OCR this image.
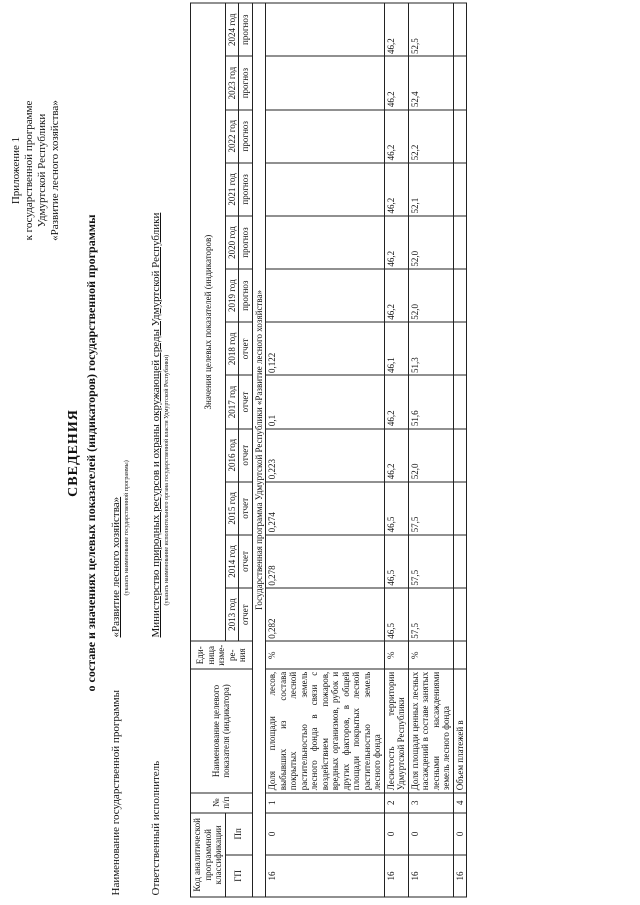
Приложение 1 к государственной программе Удмуртской Республики «Развитие лесного хозяйства»
СВЕДЕНИЯ о составе и значениях целевых показателей (индикаторов) государственной программы
Наименование государственной программы
«Развитие лесного хозяйства» (указать наименование государственной программы)
Ответственный исполнитель
Министерство природных ресурсов и охраны окружающей среды Удмуртской Республики (указать наименование исполнительного органа государственной власти Удмуртской Республики)
Код аналитической программной классификации		№ п/п	Наименование целевого показателя (индикатора)	Еди-ница изме-ре-ния	Значения целевых показателей (индикаторов)											
ГП	Пп				2013 год	2014 год	2015 год	2016 год	2017 год	2018 год	2019 год	2020 год	2021 год	2022 год	2023 год	2024 год
					отчет	отчет	отчет	отчет	отчет	отчет	прогноз	прогноз	прогноз	прогноз	прогноз	прогноз
Государственная программа Удмуртской Республики «Развитие лесного хозяйства»																
16	0	1	Доля площади лесов, выбывших из состава покрытых лесной растительностью земель лесного фонда в связи с воздействием пожаров, вредных организмов, рубок и других факторов, в общей площади покрытых лесной растительностью земель лесного фонда	%	0,282	0,278	0,274	0,223	0,1	0,122						
16	0	2	Лесистость территории Удмуртской Республики	%	46,5	46,5	46,5	46,2	46,2	46,1	46,2	46,2	46,2	46,2	46,2	46,2
16	0	3	Доля площади ценных лесных насаждений в составе занятых лесными насаждениями земель лесного фонда	%	57,5	57,5	57,5	52,0	51,6	51,3	52,0	52,0	52,1	52,2	52,4	52,5
16	0	4	Объем платежей в													
